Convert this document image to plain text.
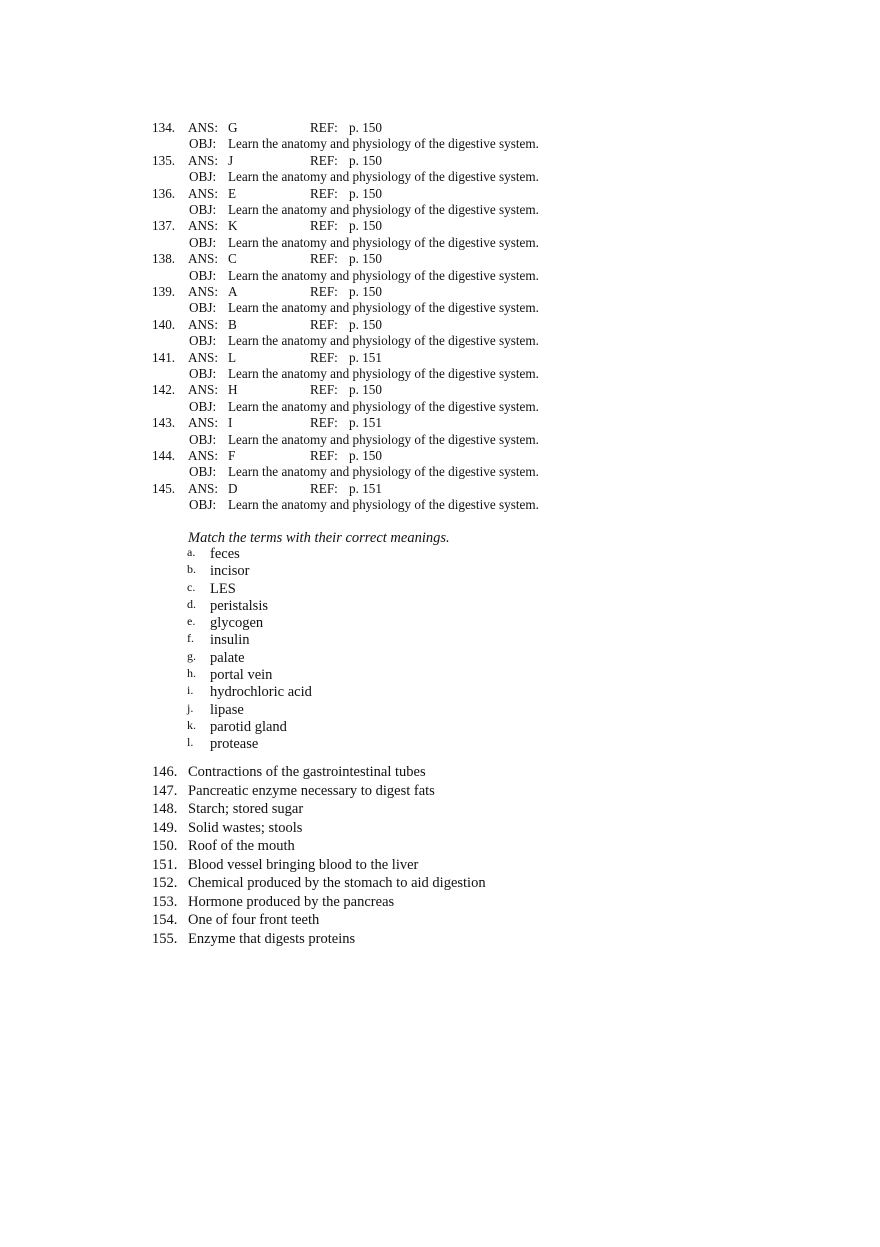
134. ANS: G	REF: p. 150
OBJ: Learn the anatomy and physiology of the digestive system.
135. ANS: J	REF: p. 150
OBJ: Learn the anatomy and physiology of the digestive system.
136. ANS: E	REF: p. 150
OBJ: Learn the anatomy and physiology of the digestive system.
137. ANS: K	REF: p. 150
OBJ: Learn the anatomy and physiology of the digestive system.
138. ANS: C	REF: p. 150
OBJ: Learn the anatomy and physiology of the digestive system.
139. ANS: A	REF: p. 150
OBJ: Learn the anatomy and physiology of the digestive system.
140. ANS: B	REF: p. 150
OBJ: Learn the anatomy and physiology of the digestive system.
141. ANS: L	REF: p. 151
OBJ: Learn the anatomy and physiology of the digestive system.
142. ANS: H	REF: p. 150
OBJ: Learn the anatomy and physiology of the digestive system.
143. ANS: I	REF: p. 151
OBJ: Learn the anatomy and physiology of the digestive system.
144. ANS: F	REF: p. 150
OBJ: Learn the anatomy and physiology of the digestive system.
145. ANS: D	REF: p. 151
OBJ: Learn the anatomy and physiology of the digestive system.
Match the terms with their correct meanings.
a. feces
b. incisor
c. LES
d. peristalsis
e. glycogen
f. insulin
g. palate
h. portal vein
i. hydrochloric acid
j. lipase
k. parotid gland
l. protease
146. Contractions of the gastrointestinal tubes
147. Pancreatic enzyme necessary to digest fats
148. Starch; stored sugar
149. Solid wastes; stools
150. Roof of the mouth
151. Blood vessel bringing blood to the liver
152. Chemical produced by the stomach to aid digestion
153. Hormone produced by the pancreas
154. One of four front teeth
155. Enzyme that digests proteins
